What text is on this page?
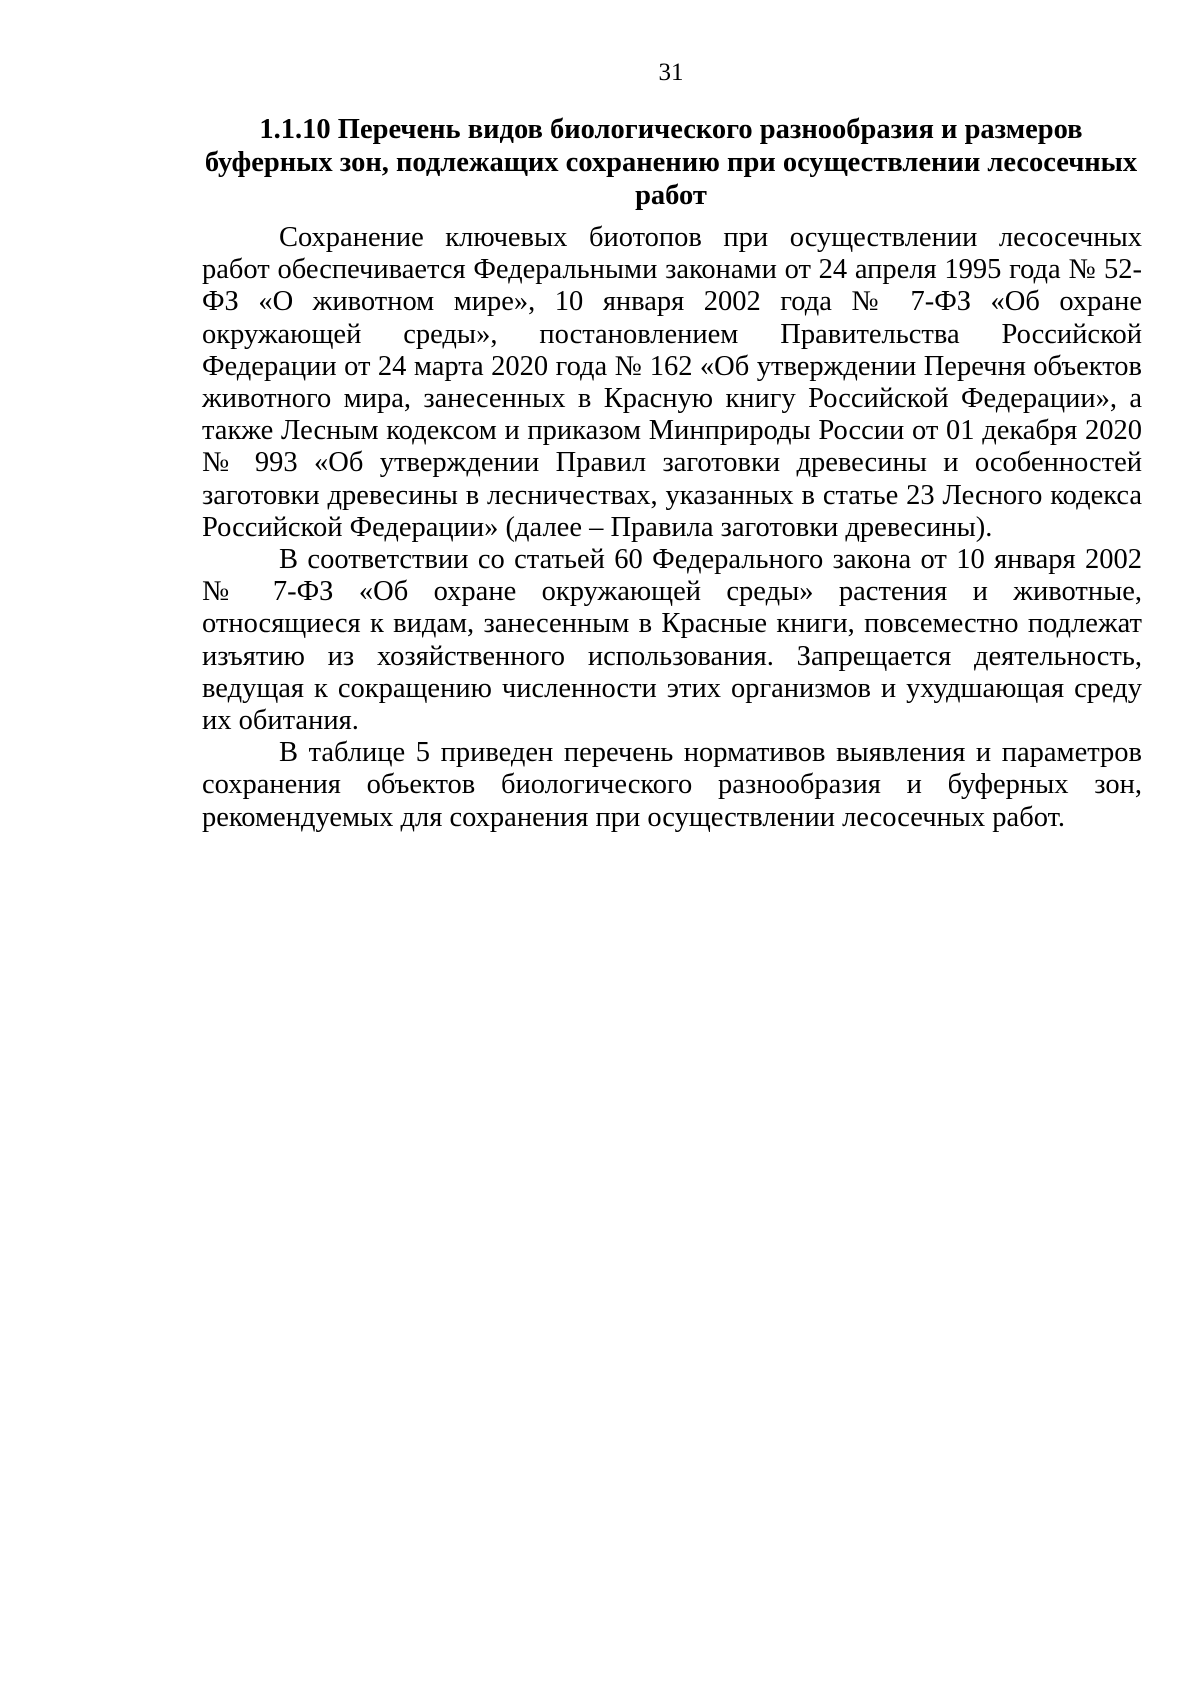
31
1.1.10 Перечень видов биологического разнообразия и размеров буферных зон, подлежащих сохранению при осуществлении лесосечных работ

Сохранение ключевых биотопов при осуществлении лесосечных работ обеспечивается Федеральными законами от 24 апреля 1995 года № 52-ФЗ «О животном мире», 10 января 2002 года № 7-ФЗ «Об охране окружающей среды», постановлением Правительства Российской Федерации от 24 марта 2020 года № 162 «Об утверждении Перечня объектов животного мира, занесенных в Красную книгу Российской Федерации», а также Лесным кодексом и приказом Минприроды России от 01 декабря 2020 № 993 «Об утверждении Правил заготовки древесины и особенностей заготовки древесины в лесничествах, указанных в статье 23 Лесного кодекса Российской Федерации» (далее – Правила заготовки древесины).

В соответствии со статьей 60 Федерального закона от 10 января 2002 № 7-ФЗ «Об охране окружающей среды» растения и животные, относящиеся к видам, занесенным в Красные книги, повсеместно подлежат изъятию из хозяйственного использования. Запрещается деятельность, ведущая к сокращению численности этих организмов и ухудшающая среду их обитания.

В таблице 5 приведен перечень нормативов выявления и параметров сохранения объектов биологического разнообразия и буферных зон, рекомендуемых для сохранения при осуществлении лесосечных работ.
